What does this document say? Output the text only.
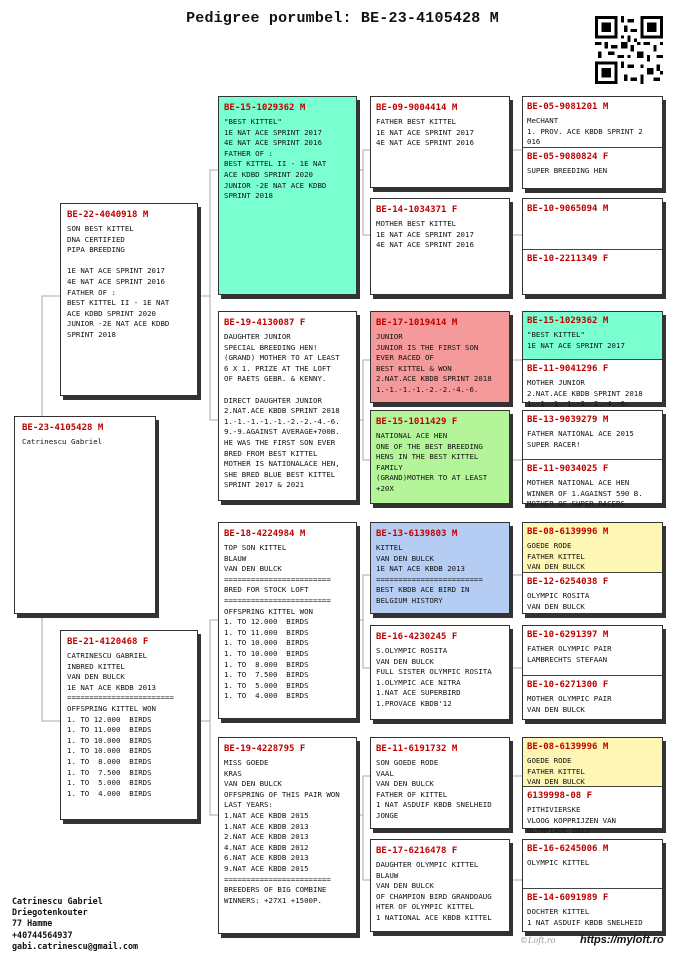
Pedigree porumbel: BE-23-4105428 M
BE-23-4105428 M
Catrinescu Gabriel
BE-22-4040918 M
SON BEST KITTEL
DNA CERTIFIED
PIPA BREEDING

1E NAT ACE SPRINT 2017
4E NAT ACE SPRINT 2016
FATHER OF :
BEST KITTEL II - 1E NAT
ACE KDBD SPRINT 2020
JUNIOR -2E NAT ACE KDBD
SPRINT 2018
BE-21-4120468 F
CATRINESCU GABRIEL
INBRED KITTEL
VAN DEN BULCK
1E NAT ACE KBDB 2013
========================
OFFSPRING KITTEL WON
1. TO 12.000  BIRDS
1. TO 11.000  BIRDS
1. TO 10.000  BIRDS
1. TO 10.000  BIRDS
1. TO  8.000  BIRDS
1. TO  7.500  BIRDS
1. TO  5.000  BIRDS
1. TO  4.000  BIRDS
BE-15-1029362 M
"BEST KITTEL"
1E NAT ACE SPRINT 2017
4E NAT ACE SPRINT 2016
FATHER OF :
BEST KITTEL II - 1E NAT
ACE KDBD SPRINT 2020
JUNIOR -2E NAT ACE KDBD
SPRINT 2018
BE-19-4130087 F
DAUGHTER JUNIOR
SPECIAL BREEDING HEN!
(GRAND) MOTHER TO AT LEAST
6 X 1. PRIZE AT THE LOFT
OF RAETS GEBR. & KENNY.

DIRECT DAUGHTER JUNIOR
2.NAT.ACE KBDB SPRINT 2018
1.-1.-1.-1.-1.-2.-2.-4.-6.
9.-9.AGAINST AVERAGE+700B.
HE WAS THE FIRST SON EVER
BRED FROM BEST KITTEL
MOTHER IS NATIONALACE HEN,
SHE BRED BLUE BEST KITTEL
SPRINT 2017 & 2021
BE-18-4224984 M
TOP SON KITTEL
BLAUW
VAN DEN BULCK
========================
BRED FOR STOCK LOFT
========================
OFFSPRING KITTEL WON
1. TO 12.000  BIRDS
1. TO 11.000  BIRDS
1. TO 10.000  BIRDS
1. TO 10.000  BIRDS
1. TO  8.000  BIRDS
1. TO  7.500  BIRDS
1. TO  5.000  BIRDS
1. TO  4.000  BIRDS
BE-19-4228795 F
MISS GOEDE
KRAS
VAN DEN BULCK
OFFSPRING OF THIS PAIR WON
LAST YEARS:
1.NAT ACE KBDB 2015
1.NAT ACE KBDB 2013
2.NAT ACE KBDB 2013
4.NAT ACE KBDB 2012
6.NAT ACE KBDB 2013
9.NAT ACE KBDB 2015
========================
BREEDERS OF BIG COMBINE
WINNERS: +27X1 +1500P.
BE-09-9004414 M
FATHER BEST KITTEL
1E NAT ACE SPRINT 2017
4E NAT ACE SPRINT 2016
BE-14-1034371 F
MOTHER BEST KITTEL
1E NAT ACE SPRINT 2017
4E NAT ACE SPRINT 2016
BE-17-1019414 M
JUNIOR
JUNIOR IS THE FIRST SON
EVER RACED OF
BEST KITTEL & WON
2.NAT.ACE KBDB SPRINT 2018
1.-1.-1.-1.-2.-2.-4.-6.
BE-15-1011429 F
NATIONAL ACE HEN
ONE OF THE BEST BREEDING
HENS IN THE BEST KITTEL
FAMILY
(GRAND)MOTHER TO AT LEAST
+20X
BE-13-6139803 M
KITTEL
VAN DEN BULCK
1E NAT ACE KBDB 2013
========================
BEST KBDB ACE BIRD IN
BELGIUM HISTORY
BE-16-4230245 F
S.OLYMPIC ROSITA
VAN DEN BULCK
FULL SISTER OLYMPIC ROSITA
1.OLYMPIC ACE NITRA
1.NAT ACE SUPERBIRD
1.PROVACE KBDB'12
BE-11-6191732 M
SON GOEDE RODE
VAAL
VAN DEN BULCK
FATHER OF KITTEL
1 NAT ASDUIF KBDB SNELHEID
JONGE
BE-17-6216478 F
DAUGHTER OLYMPIC KITTEL
BLAUW
VAN DEN BULCK
OF CHAMPION BIRD GRANDDAUG
HTER OF OLYMPIC KITTEL
1 NATIONAL ACE KBDB KITTEL
BE-05-9081201 M
MeCHANT
1. PROV. ACE KBDB SPRINT 2
016
BE-05-9080824 F
SUPER BREEDING HEN
BE-10-9065094 M
BE-10-2211349 F
BE-15-1029362 M
"BEST KITTEL"
1E NAT ACE SPRINT 2017
BE-11-9041296 F
MOTHER JUNIOR
2.NAT.ACE KBDB SPRINT 2018
1.-1.-1.-1.-2.-2.-4.-6.
BE-13-9039279 M
FATHER NATIONAL ACE 2015
SUPER RACER!
BE-11-9034025 F
MOTHER NATIONAL ACE HEN
WINNER OF 1.AGAINST 590 B.
MOTHER OF SUPER RACERS
BE-08-6139996 M
GOEDE RODE
FATHER KITTEL
VAN DEN BULCK
BE-12-6254038 F
OLYMPIC ROSITA
VAN DEN BULCK
BE-10-6291397 M
FATHER OLYMPIC PAIR
LAMBRECHTS STEFAAN
BE-10-6271300 F
MOTHER OLYMPIC PAIR
VAN DEN BULCK
BE-08-6139996 M
GOEDE RODE
FATHER KITTEL
VAN DEN BULCK
6139998-08 F
PITHIVIERSKE
VLOOG KOPPRIJZEN VAN
OLYMPIADE 2013
BE-16-6245006 M
OLYMPIC KITTEL
BE-14-6091989 F
DOCHTER KITTEL
1 NAT ASDUIF KBDB SNELHEID
Catrinescu Gabriel
Driegotenkouter
77 Hamme
+40744564937
gabi.catrinescu@gmail.com
©Loft.ro https://myloft.ro
